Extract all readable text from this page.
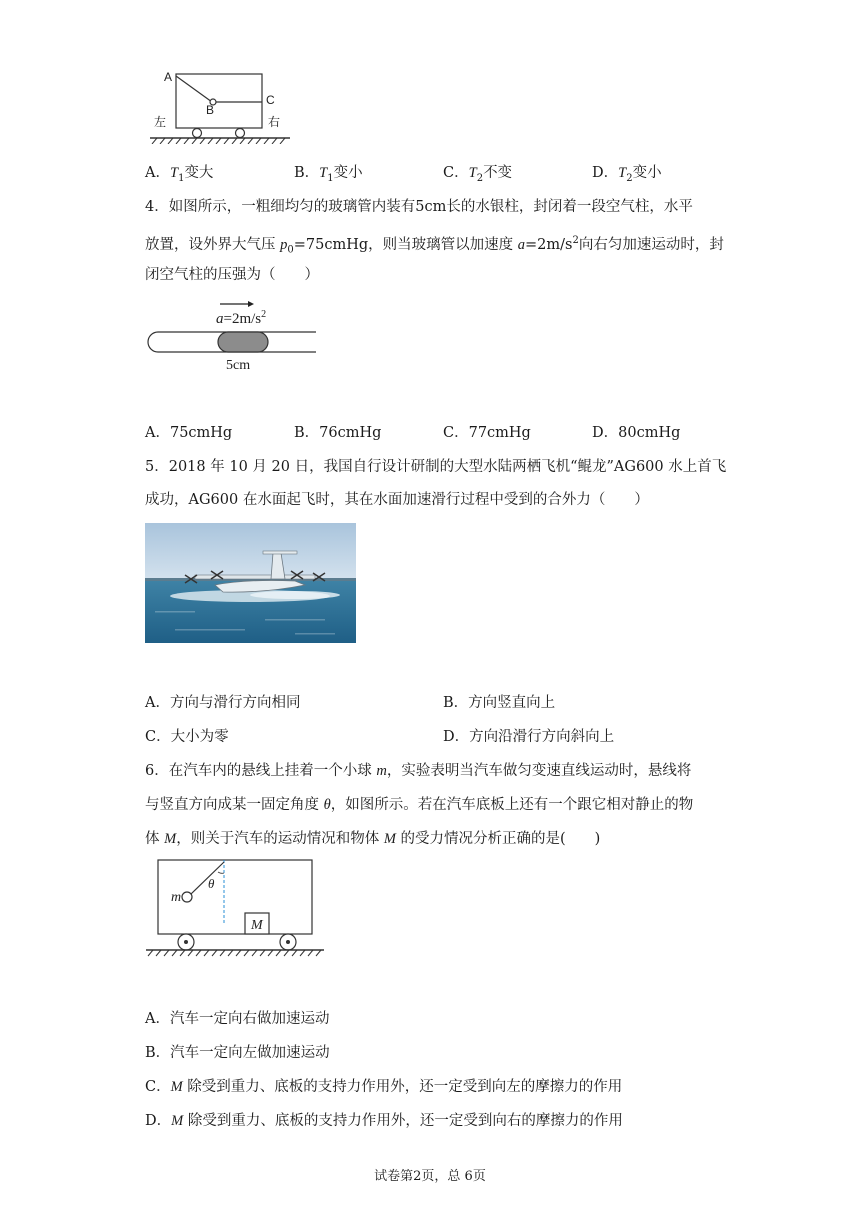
A
B
C
左	右
A．$T_1$变大	B．$T_1$变小	C．$T_2$不变	D．$T_2$变小
4．如图所示，一粗细均匀的玻璃管内装有5cm长的水银柱，封闭着一段空气柱，水平
放置，设外界大气压 $p_0=75cmHg$，则当玻璃管以加速度 $a=2m/s^2$向右匀加速运动时，封
闭空气柱的压强为（　　）
$a=2m/s^2$
5cm
A．75cmHg	B．76cmHg	C．77cmHg	D．80cmHg
5．2018 年 10 月 20 日，我国自行设计研制的大型水陆两栖飞机“鲲龙”AG600 水上首飞
成功，AG600 在水面起飞时，其在水面加速滑行过程中受到的合外力（　　）
A．方向与滑行方向相同	B．方向竖直向上
C．大小为零	D．方向沿滑行方向斜向上
6．在汽车内的悬线上挂着一个小球 m，实验表明当汽车做匀变速直线运动时，悬线将
与竖直方向成某一固定角度 θ，如图所示。若在汽车底板上还有一个跟它相对静止的物
体 M，则关于汽车的运动情况和物体 M 的受力情况分析正确的是(　　)
m
θ
M
A．汽车一定向右做加速运动
B．汽车一定向左做加速运动
C．M 除受到重力、底板的支持力作用外，还一定受到向左的摩擦力的作用
D．M 除受到重力、底板的支持力作用外，还一定受到向右的摩擦力的作用
试卷第2页，总 6页
